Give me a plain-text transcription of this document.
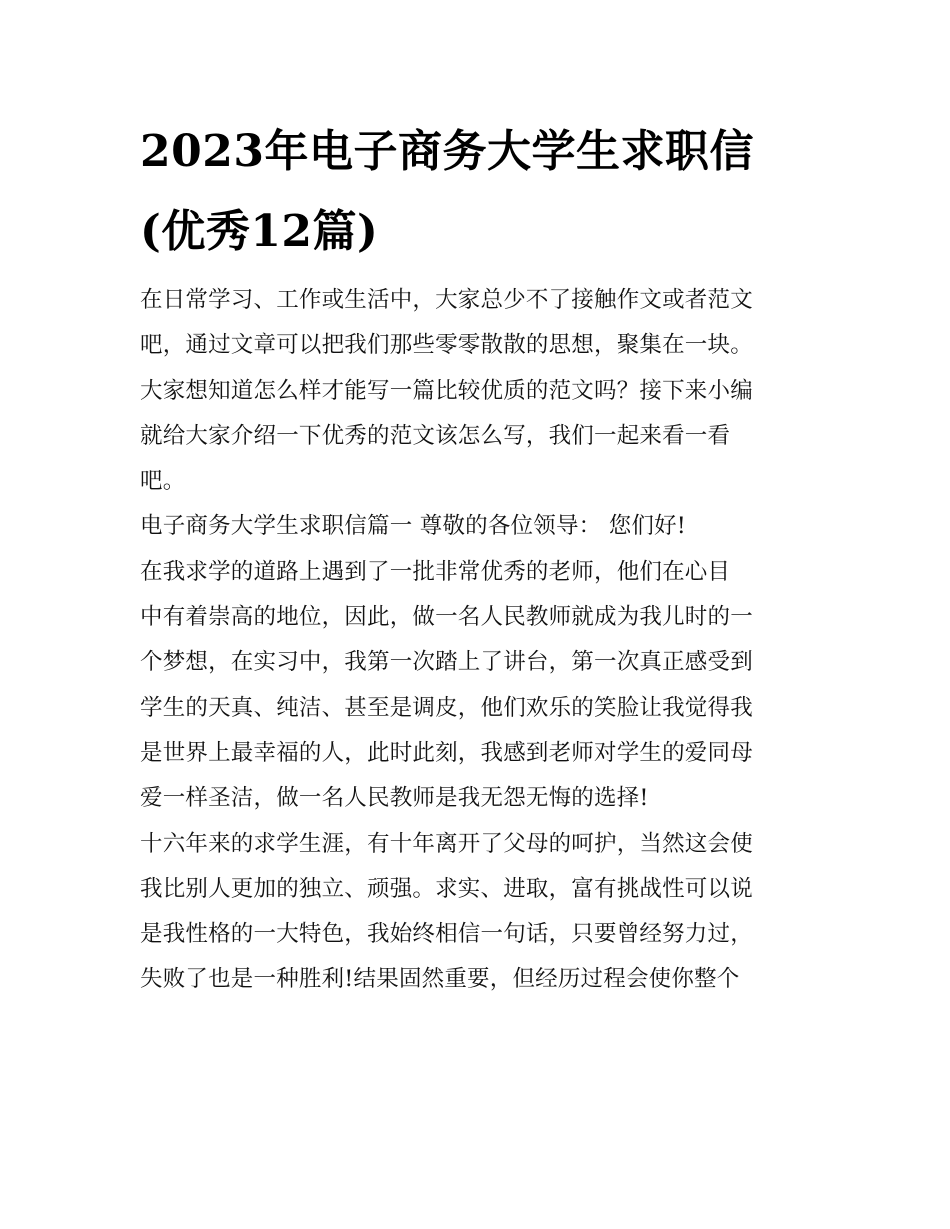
2023年电子商务大学生求职信
(优秀12篇)
在日常学习、工作或生活中，大家总少不了接触作文或者范文
吧，通过文章可以把我们那些零零散散的思想，聚集在一块。
大家想知道怎么样才能写一篇比较优质的范文吗？接下来小编
就给大家介绍一下优秀的范文该怎么写，我们一起来看一看
吧。
电子商务大学生求职信篇一 尊敬的各位领导： 您们好!
在我求学的道路上遇到了一批非常优秀的老师，他们在心目
中有着崇高的地位，因此，做一名人民教师就成为我儿时的一
个梦想，在实习中，我第一次踏上了讲台，第一次真正感受到
学生的天真、纯洁、甚至是调皮，他们欢乐的笑脸让我觉得我
是世界上最幸福的人，此时此刻，我感到老师对学生的爱同母
爱一样圣洁，做一名人民教师是我无怨无悔的选择!
十六年来的求学生涯，有十年离开了父母的呵护，当然这会使
我比别人更加的独立、顽强。求实、进取，富有挑战性可以说
是我性格的一大特色，我始终相信一句话，只要曾经努力过，
失败了也是一种胜利!结果固然重要，但经历过程会使你整个
